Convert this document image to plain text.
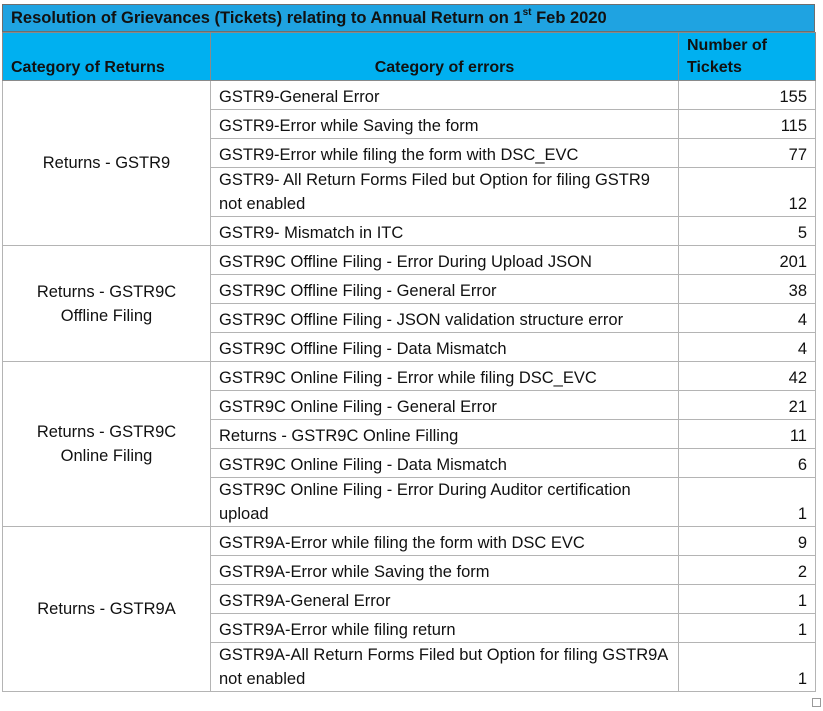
Resolution of Grievances (Tickets) relating to Annual Return on 1st Feb 2020
Category of Returns	Category of errors	Number of
Tickets
Returns - GSTR9	GSTR9-General Error	155
	GSTR9-Error while Saving the form	115
	GSTR9-Error while filing the form with DSC_EVC	77
	GSTR9- All Return Forms Filed but Option for filing GSTR9 not enabled	12
	GSTR9- Mismatch in ITC	5
Returns - GSTR9C
Offline Filing	GSTR9C Offline Filing - Error During Upload JSON	201
	GSTR9C Offline Filing - General Error	38
	GSTR9C Offline Filing - JSON validation structure error	4
	GSTR9C Offline Filing - Data Mismatch	4
Returns - GSTR9C
Online Filing	GSTR9C Online Filing - Error while filing DSC_EVC	42
	GSTR9C Online Filing - General Error	21
	Returns - GSTR9C Online Filling	11
	GSTR9C Online Filing - Data Mismatch	6
	GSTR9C Online Filing - Error During Auditor certification upload	1
Returns - GSTR9A	GSTR9A-Error while filing the form with DSC EVC	9
	GSTR9A-Error while Saving the form	2
	GSTR9A-General Error	1
	GSTR9A-Error while filing return	1
	GSTR9A-All Return Forms Filed but Option for filing GSTR9A not enabled	1
